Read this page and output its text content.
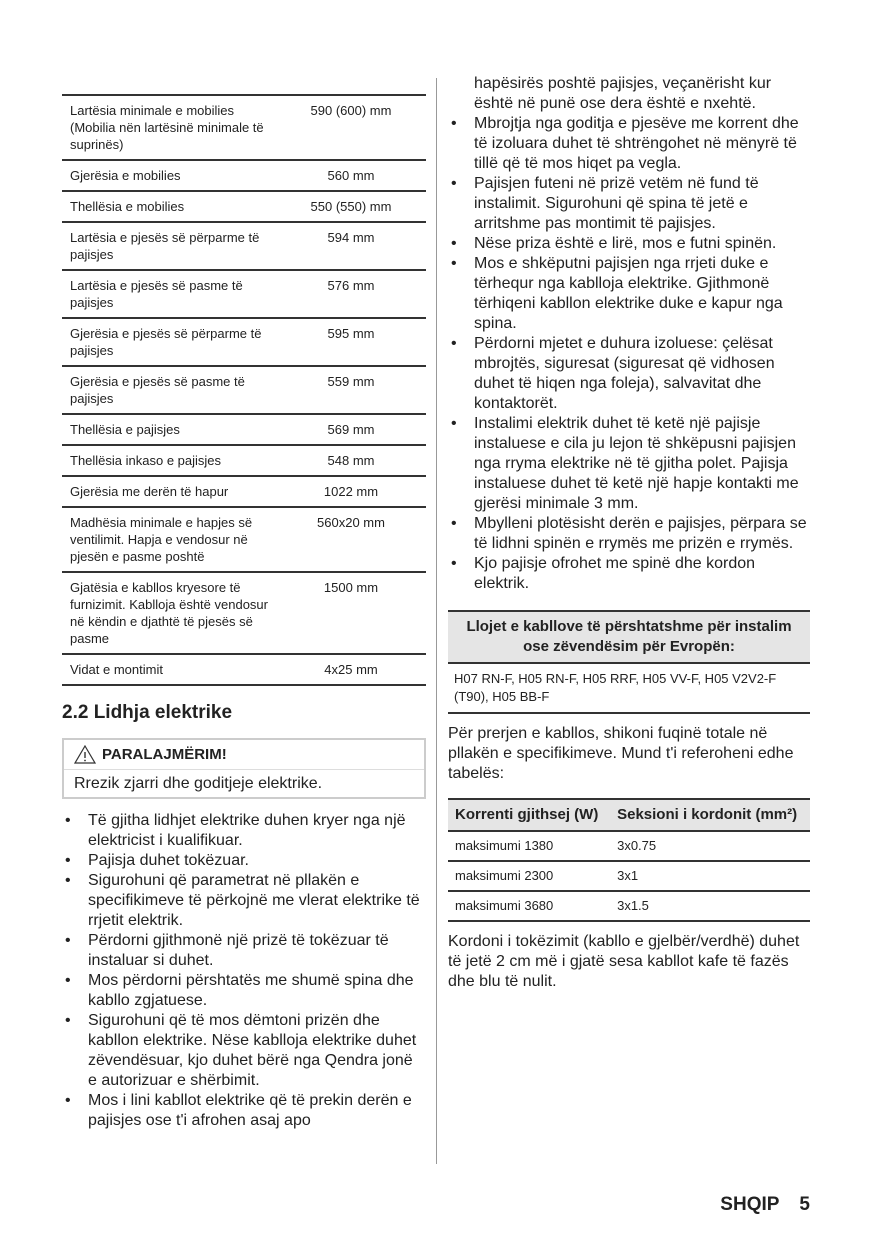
Lartësia minimale e mobilies (Mobilia nën lartësinë minimale të suprinës)	590 (600) mm
Gjerësia e mobilies	560 mm
Thellësia e mobilies	550 (550) mm
Lartësia e pjesës së përparme të pajisjes	594 mm
Lartësia e pjesës së pasme të pajisjes	576 mm
Gjerësia e pjesës së përparme të pajisjes	595 mm
Gjerësia e pjesës së pasme të pajisjes	559 mm
Thellësia e pajisjes	569 mm
Thellësia inkaso e pajisjes	548 mm
Gjerësia me derën të hapur	1022 mm
Madhësia minimale e hapjes së ventilimit. Hapja e vendosur në pjesën e pasme poshtë	560x20 mm
Gjatësia e kabllos kryesore të furnizimit. Kablloja është vendosur në këndin e djathtë të pjesës së pasme	1500 mm
Vidat e montimit	4x25 mm
2.2 Lidhja elektrike
PARALAJMËRIM!
Rrezik zjarri dhe goditjeje elektrike.
• Të gjitha lidhjet elektrike duhen kryer nga një elektricist i kualifikuar.
• Pajisja duhet tokëzuar.
• Sigurohuni që parametrat në pllakën e specifikimeve të përkojnë me vlerat elektrike të rrjetit elektrik.
• Përdorni gjithmonë një prizë të tokëzuar të instaluar si duhet.
• Mos përdorni përshtatës me shumë spina dhe kabllo zgjatuese.
• Sigurohuni që të mos dëmtoni prizën dhe kabllon elektrike. Nëse kablloja elektrike duhet zëvendësuar, kjo duhet bërë nga Qendra jonë e autorizuar e shërbimit.
• Mos i lini kabllot elektrike që të prekin derën e pajisjes ose t'i afrohen asaj apo
hapësirës poshtë pajisjes, veçanërisht kur është në punë ose dera është e nxehtë.
• Mbrojtja nga goditja e pjesëve me korrent dhe të izoluara duhet të shtrëngohet në mënyrë të tillë që të mos hiqet pa vegla.
• Pajisjen futeni në prizë vetëm në fund të instalimit. Sigurohuni që spina të jetë e arritshme pas montimit të pajisjes.
• Nëse priza është e lirë, mos e futni spinën.
• Mos e shkëputni pajisjen nga rrjeti duke e tërhequr nga kablloja elektrike. Gjithmonë tërhiqeni kabllon elektrike duke e kapur nga spina.
• Përdorni mjetet e duhura izoluese: çelësat mbrojtës, siguresat (siguresat që vidhosen duhet të hiqen nga foleja), salvavitat dhe kontaktorët.
• Instalimi elektrik duhet të ketë një pajisje instaluese e cila ju lejon të shkëpusni pajisjen nga rryma elektrike në të gjitha polet. Pajisja instaluese duhet të ketë një hapje kontakti me gjerësi minimale 3 mm.
• Mbylleni plotësisht derën e pajisjes, përpara se të lidhni spinën e rrymës me prizën e rrymës.
• Kjo pajisje ofrohet me spinë dhe kordon elektrik.
Llojet e kabllove të përshtatshme për instalim ose zëvendësim për Evropën:
H07 RN-F, H05 RN-F, H05 RRF, H05 VV-F, H05 V2V2-F (T90), H05 BB-F

Për prerjen e kabllos, shikoni fuqinë totale në pllakën e specifikimeve. Mund t'i referoheni edhe tabelës:

Korrenti gjithsej (W)	Seksioni i kordonit (mm²)
maksimumi 1380	3x0.75
maksimumi 2300	3x1
maksimumi 3680	3x1.5

Kordoni i tokëzimit (kabllo e gjelbër/verdhë) duhet të jetë 2 cm më i gjatë sesa kabllot kafe të fazës dhe blu të nulit.

SHQIP 5
